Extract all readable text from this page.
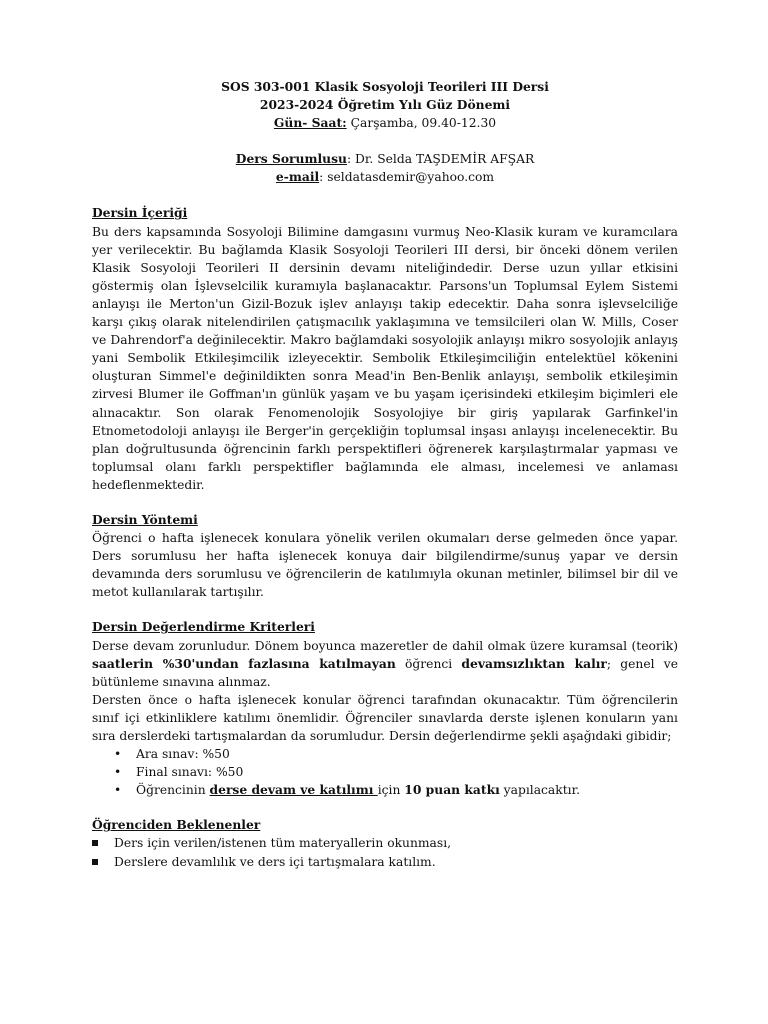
SOS 303-001 Klasik Sosyoloji Teorileri III Dersi

2023-2024 Öğretim Yılı Güz Dönemi

Gün- Saat: Çarşamba, 09.40-12.30

Ders Sorumlusu: Dr. Selda TAŞDEMİR AFŞAR

e-mail: seldatasdemir@yahoo.com

Dersin İçeriği

Bu ders kapsamında Sosyoloji Bilimine damgasını vurmuş Neo-Klasik kuram ve kuramcılara yer verilecektir. Bu bağlamda Klasik Sosyoloji Teorileri III dersi, bir önceki dönem verilen Klasik Sosyoloji Teorileri II dersinin devamı niteliğindedir. Derse uzun yıllar etkisini göstermiş olan İşlevselcilik kuramıyla başlanacaktır. Parsons'un Toplumsal Eylem Sistemi anlayışı ile Merton'un Gizil-Bozuk işlev anlayışı takip edecektir. Daha sonra işlevselciliğe karşı çıkış olarak nitelendirilen çatışmacılık yaklaşımına ve temsilcileri olan W. Mills, Coser ve Dahrendorf'a değinilecektir. Makro bağlamdaki sosyolojik anlayışı mikro sosyolojik anlayış yani Sembolik Etkileşimcilik izleyecektir. Sembolik Etkileşimciliğin entelektüel kökenini oluşturan Simmel'e değinildikten sonra Mead'in Ben-Benlik anlayışı, sembolik etkileşimin zirvesi Blumer ile Goffman'ın günlük yaşam ve bu yaşam içerisindeki etkileşim biçimleri ele alınacaktır. Son olarak Fenomenolojik Sosyolojiye bir giriş yapılarak Garfinkel'in Etnometodoloji anlayışı ile Berger'in gerçekliğin toplumsal inşası anlayışı incelenecektir. Bu plan doğrultusunda öğrencinin farklı perspektifleri öğrenerek karşılaştırmalar yapması ve toplumsal olanı farklı perspektifler bağlamında ele alması, incelemesi ve anlaması hedeflenmektedir.

Dersin Yöntemi

Öğrenci o hafta işlenecek konulara yönelik verilen okumaları derse gelmeden önce yapar. Ders sorumlusu her hafta işlenecek konuya dair bilgilendirme/sunuş yapar ve dersin devamında ders sorumlusu ve öğrencilerin de katılımıyla okunan metinler, bilimsel bir dil ve metot kullanılarak tartışılır.

Dersin Değerlendirme Kriterleri

Derse devam zorunludur. Dönem boyunca mazeretler de dahil olmak üzere kuramsal (teorik) saatlerin %30'undan fazlasına katılmayan öğrenci devamsızlıktan kalır; genel ve bütünleme sınavına alınmaz.

Dersten önce o hafta işlenecek konular öğrenci tarafından okunacaktır. Tüm öğrencilerin sınıf içi etkinliklere katılımı önemlidir. Öğrenciler sınavlarda derste işlenen konuların yanı sıra derslerdeki tartışmalardan da sorumludur. Dersin değerlendirme şekli aşağıdaki gibidir;

• Ara sınav: %50
• Final sınavı: %50
• Öğrencinin derse devam ve katılımı için 10 puan katkı yapılacaktır.

Öğrenciden Beklenenler

Ders için verilen/istenen tüm materyallerin okunması,
Derslere devamlılık ve ders içi tartışmalara katılım.
